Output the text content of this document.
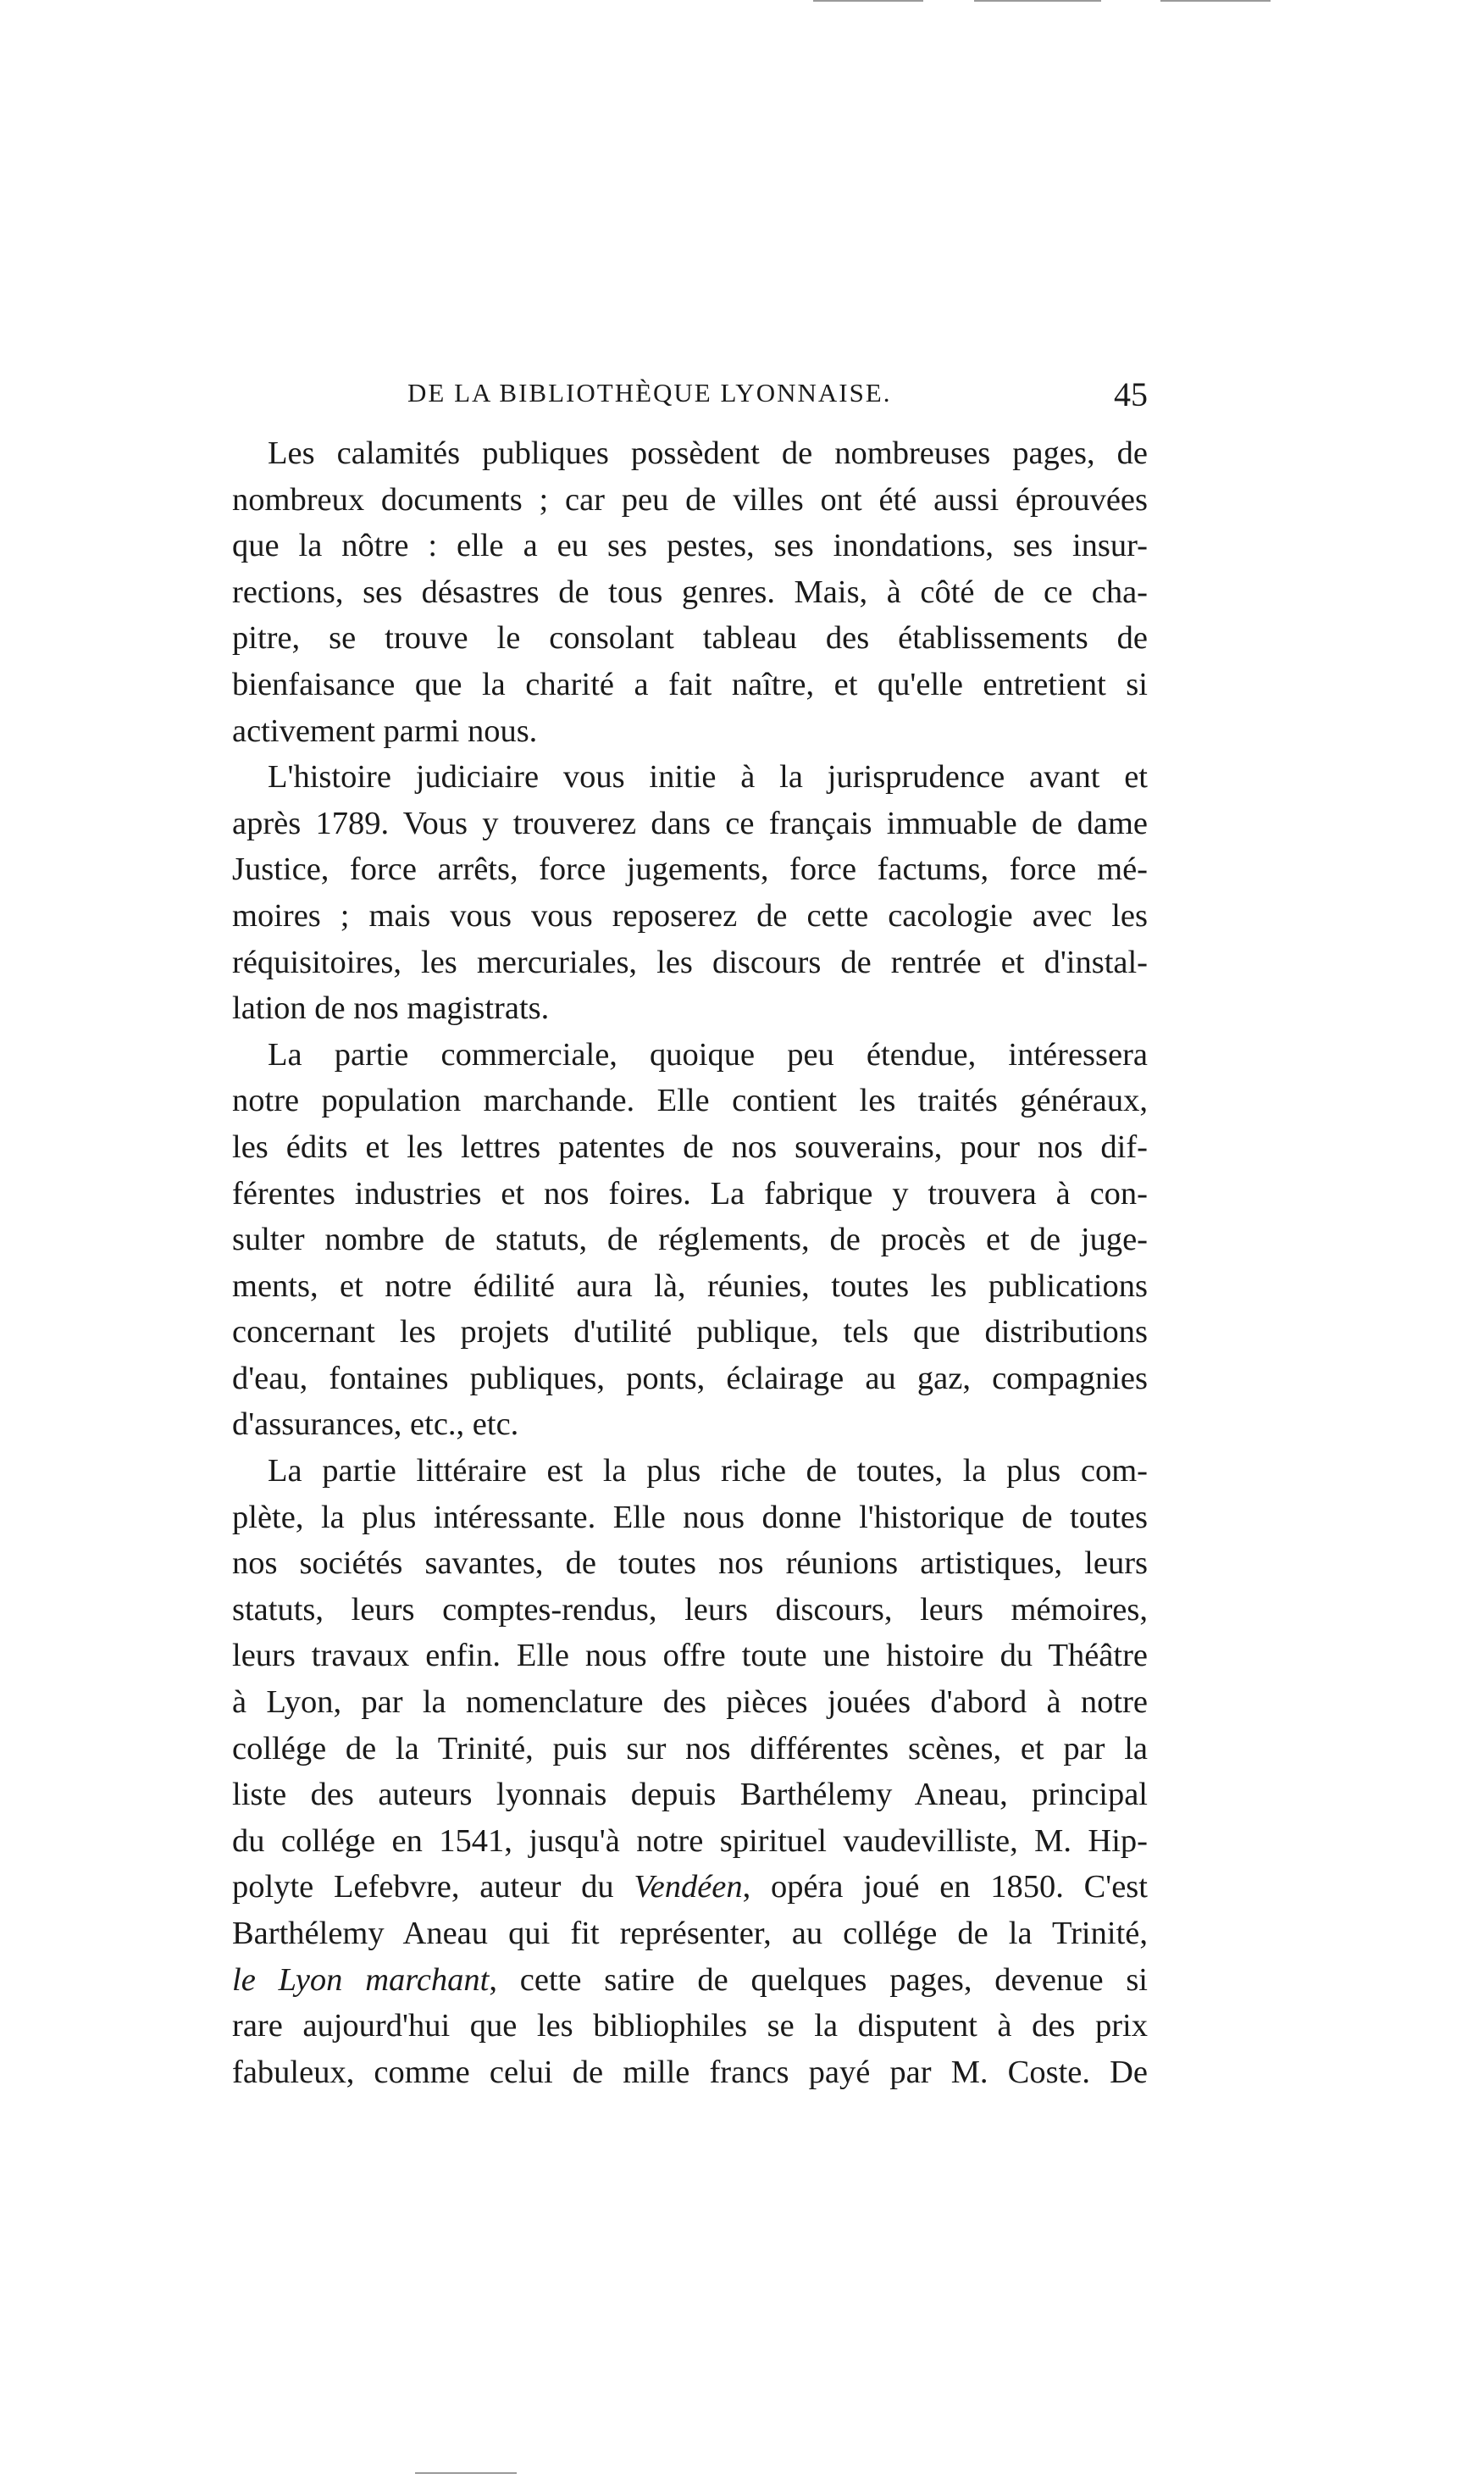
DE LA BIBLIOTHÈQUE LYONNAISE.	45
Les calamités publiques possèdent de nombreuses pages, de
nombreux documents ; car peu de villes ont été aussi éprouvées
que la nôtre : elle a eu ses pestes, ses inondations, ses insur-
rections, ses désastres de tous genres. Mais, à côté de ce cha-
pitre, se trouve le consolant tableau des établissements de
bienfaisance que la charité a fait naître, et qu'elle entretient si
activement parmi nous.
L'histoire judiciaire vous initie à la jurisprudence avant et
après 1789. Vous y trouverez dans ce français immuable de dame
Justice, force arrêts, force jugements, force factums, force mé-
moires ; mais vous vous reposerez de cette cacologie avec les
réquisitoires, les mercuriales, les discours de rentrée et d'instal-
lation de nos magistrats.
La partie commerciale, quoique peu étendue, intéressera
notre population marchande. Elle contient les traités généraux,
les édits et les lettres patentes de nos souverains, pour nos dif-
férentes industries et nos foires. La fabrique y trouvera à con-
sulter nombre de statuts, de réglements, de procès et de juge-
ments, et notre édilité aura là, réunies, toutes les publications
concernant les projets d'utilité publique, tels que distributions
d'eau, fontaines publiques, ponts, éclairage au gaz, compagnies
d'assurances, etc., etc.
La partie littéraire est la plus riche de toutes, la plus com-
plète, la plus intéressante. Elle nous donne l'historique de toutes
nos sociétés savantes, de toutes nos réunions artistiques, leurs
statuts, leurs comptes-rendus, leurs discours, leurs mémoires,
leurs travaux enfin. Elle nous offre toute une histoire du Théâtre
à Lyon, par la nomenclature des pièces jouées d'abord à notre
collége de la Trinité, puis sur nos différentes scènes, et par la
liste des auteurs lyonnais depuis Barthélemy Aneau, principal
du collége en 1541, jusqu'à notre spirituel vaudevilliste, M. Hip-
polyte Lefebvre, auteur du Vendéen, opéra joué en 1850. C'est
Barthélemy Aneau qui fit représenter, au collége de la Trinité,
le Lyon marchant, cette satire de quelques pages, devenue si
rare aujourd'hui que les bibliophiles se la disputent à des prix
fabuleux, comme celui de mille francs payé par M. Coste. De
